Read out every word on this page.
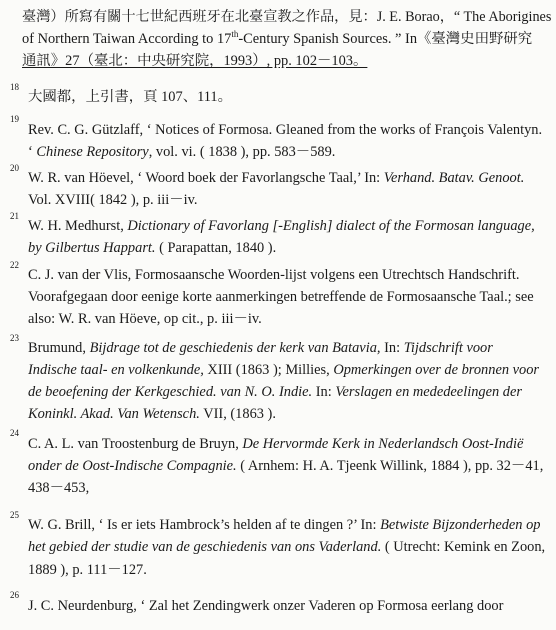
臺灣）所寫有關十七世紀西班牙在北臺宣教之作品，見：J. E. Borao，“ The Aborigines
of Northern Taiwan According to 17th-Century Spanish Sources. ” In《臺灣史田野研究
通訊》27（臺北：中央研究院，1993）, pp. 102－103。
18
大國都，上引書，頁 107、111。
19
Rev. C. G. Gützlaff, ‘ Notices of Formosa. Gleaned from the works of François Valentyn.
‘ Chinese Repository, vol. vi. ( 1838 ), pp. 583－589.
20
W. R. van Höevel, ‘ Woord boek der Favorlangsche Taal,’ In: Verhand. Batav. Genoot.
Vol. XVIII( 1842 ), p. iii－iv.
21
W. H. Medhurst, Dictionary of Favorlang [-English] dialect of the Formosan language,
by Gilbertus Happart. ( Parapattan, 1840 ).
22
C. J. van der Vlis, Formosaansche Woorden-lijst volgens een Utrechtsch Handschrift.
Voorafgegaan door eenige korte aanmerkingen betreffende de Formosaansche Taal.; see
also: W. R. van Höeve, op cit., p. iii－iv.
23
Brumund, Bijdrage tot de geschiedenis der kerk van Batavia, In: Tijdschrift voor
Indische taal- en volkenkunde, XIII (1863 ); Millies, Opmerkingen over de bronnen voor
de beoefening der Kerkgeschied. van N. O. Indie. In: Verslagen en mededeelingen der
Koninkl. Akad. Van Wetensch. VII, (1863 ).
24
C. A. L. van Troostenburg de Bruyn, De Hervormde Kerk in Nederlandsch Oost-Indië
onder de Oost-Indische Compagnie. ( Arnhem: H. A. Tjeenk Willink, 1884 ), pp. 32－41,
438－453,
25
W. G. Brill, ‘ Is er iets Hambrock’s helden af te dingen ?’ In: Betwiste Bijzonderheden op
het gebied der studie van de geschiedenis van ons Vaderland. ( Utrecht: Kemink en Zoon,
1889 ), p. 111－127.
26
J. C. Neurdenburg, ‘ Zal het Zendingwerk onzer Vaderen op Formosa eerlang door
